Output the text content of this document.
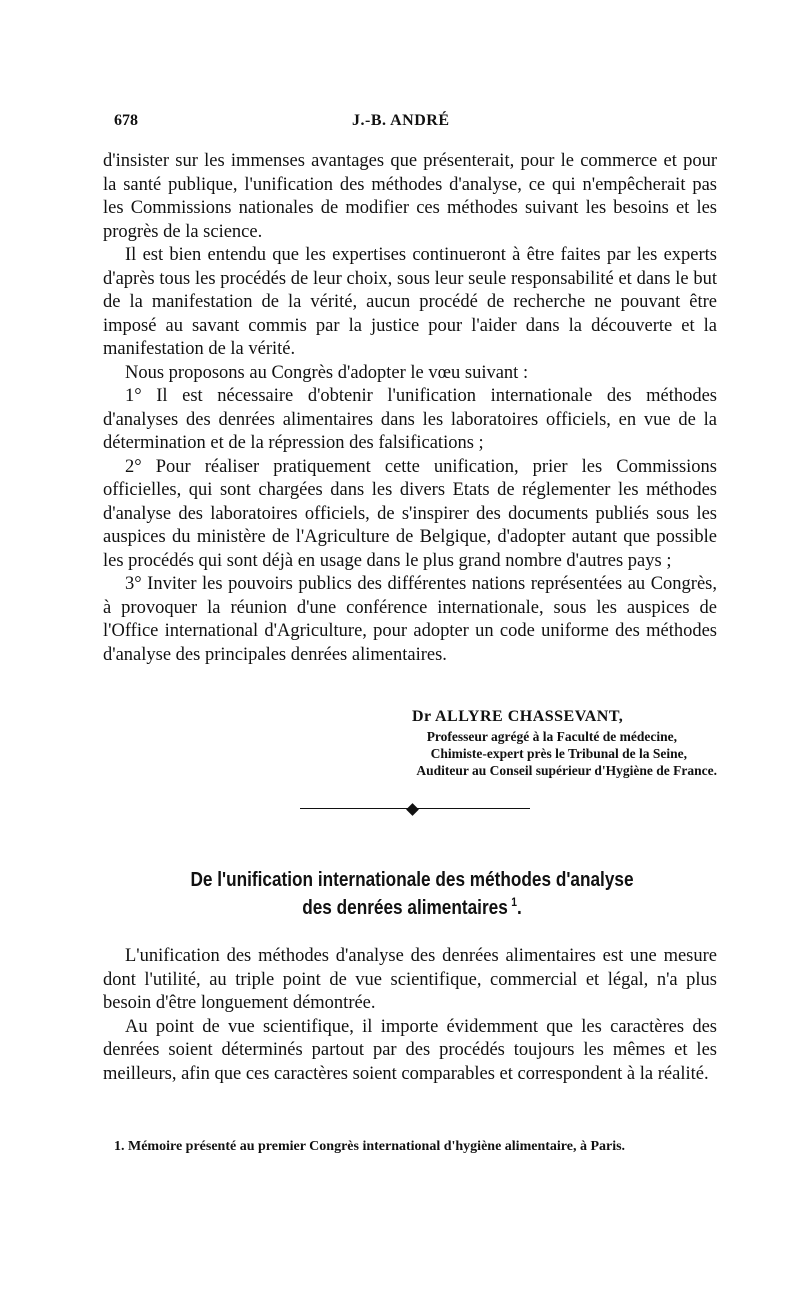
678	J.-B. ANDRÉ

d'insister sur les immenses avantages que présenterait, pour le commerce et pour la santé publique, l'unification des méthodes d'analyse, ce qui n'empêcherait pas les Commissions nationales de modifier ces méthodes suivant les besoins et les progrès de la science.

Il est bien entendu que les expertises continueront à être faites par les experts d'après tous les procédés de leur choix, sous leur seule responsabilité et dans le but de la manifestation de la vérité, aucun procédé de recherche ne pouvant être imposé au savant commis par la justice pour l'aider dans la découverte et la manifestation de la vérité.

Nous proposons au Congrès d'adopter le vœu suivant :

1° Il est nécessaire d'obtenir l'unification internationale des méthodes d'analyses des denrées alimentaires dans les laboratoires officiels, en vue de la détermination et de la répression des falsifications ;

2° Pour réaliser pratiquement cette unification, prier les Commissions officielles, qui sont chargées dans les divers Etats de réglementer les méthodes d'analyse des laboratoires officiels, de s'inspirer des documents publiés sous les auspices du ministère de l'Agriculture de Belgique, d'adopter autant que possible les procédés qui sont déjà en usage dans le plus grand nombre d'autres pays ;

3° Inviter les pouvoirs publics des différentes nations représentées au Congrès, à provoquer la réunion d'une conférence internationale, sous les auspices de l'Office international d'Agriculture, pour adopter un code uniforme des méthodes d'analyse des principales denrées alimentaires.

Dr ALLYRE CHASSEVANT,
Professeur agrégé à la Faculté de médecine,
Chimiste-expert près le Tribunal de la Seine,
Auditeur au Conseil supérieur d'Hygiène de France.
De l'unification internationale des méthodes d'analyse
des denrées alimentaires $^1$.

L'unification des méthodes d'analyse des denrées alimentaires est une mesure dont l'utilité, au triple point de vue scientifique, commercial et légal, n'a plus besoin d'être longuement démontrée.

Au point de vue scientifique, il importe évidemment que les caractères des denrées soient déterminés partout par des procédés toujours les mêmes et les meilleurs, afin que ces caractères soient comparables et correspondent à la réalité.

1. Mémoire présenté au premier Congrès international d'hygiène alimentaire, à Paris.
